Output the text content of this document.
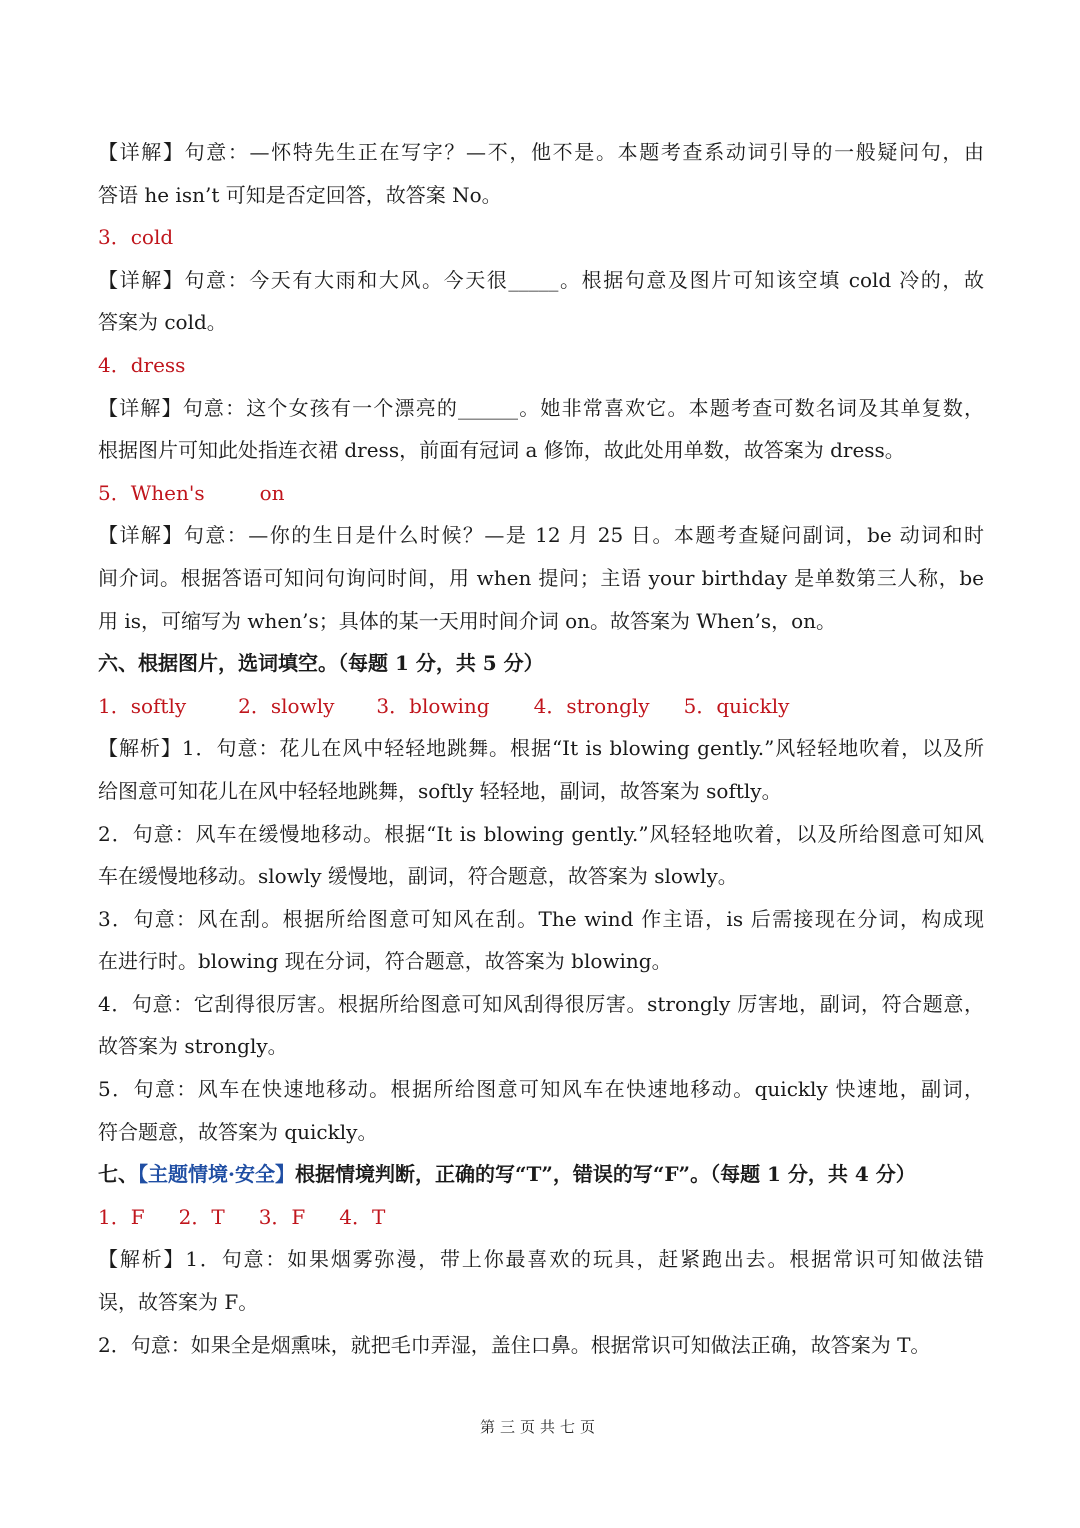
【详解】句意：—怀特先生正在写字？—不，他不是。本题考查系动词引导的一般疑问句，由
答语 he isn’t 可知是否定回答，故答案 No。
3．cold
【详解】句意：今天有大雨和大风。今天很_____。根据句意及图片可知该空填 cold 冷的，故
答案为 cold。
4．dress
【详解】句意：这个女孩有一个漂亮的______。她非常喜欢它。本题考查可数名词及其单复数，
根据图片可知此处指连衣裙 dress，前面有冠词 a 修饰，故此处用单数，故答案为 dress。
5．When's	on
【详解】句意：—你的生日是什么时候？—是 12 月 25 日。本题考查疑问副词，be 动词和时
间介词。根据答语可知问句询问时间，用 when 提问；主语 your birthday 是单数第三人称，be
用 is，可缩写为 when’s；具体的某一天用时间介词 on。故答案为 When’s，on。
六、根据图片，选词填空。（每题 1 分，共 5 分）
1．softly	2．slowly 3．blowing 4．strongly 5．quickly
【解析】1．句意：花儿在风中轻轻地跳舞。根据“It is blowing gently.”风轻轻地吹着，以及所
给图意可知花儿在风中轻轻地跳舞，softly 轻轻地，副词，故答案为 softly。
2．句意：风车在缓慢地移动。根据“It is blowing gently.”风轻轻地吹着，以及所给图意可知风
车在缓慢地移动。slowly 缓慢地，副词，符合题意，故答案为 slowly。
3．句意：风在刮。根据所给图意可知风在刮。The wind 作主语，is 后需接现在分词，构成现
在进行时。blowing 现在分词，符合题意，故答案为 blowing。
4．句意：它刮得很厉害。根据所给图意可知风刮得很厉害。strongly 厉害地，副词，符合题意，
故答案为 strongly。
5．句意：风车在快速地移动。根据所给图意可知风车在快速地移动。quickly 快速地，副词，
符合题意，故答案为 quickly。
七、【主题情境·安全】根据情境判断，正确的写“T”，错误的写“F”。（每题 1 分，共 4 分）
1．F 2．T 3．F 4．T
【解析】1．句意：如果烟雾弥漫，带上你最喜欢的玩具，赶紧跑出去。根据常识可知做法错
误，故答案为 F。
2．句意：如果全是烟熏味，就把毛巾弄湿，盖住口鼻。根据常识可知做法正确，故答案为 T。
第三页共七页
